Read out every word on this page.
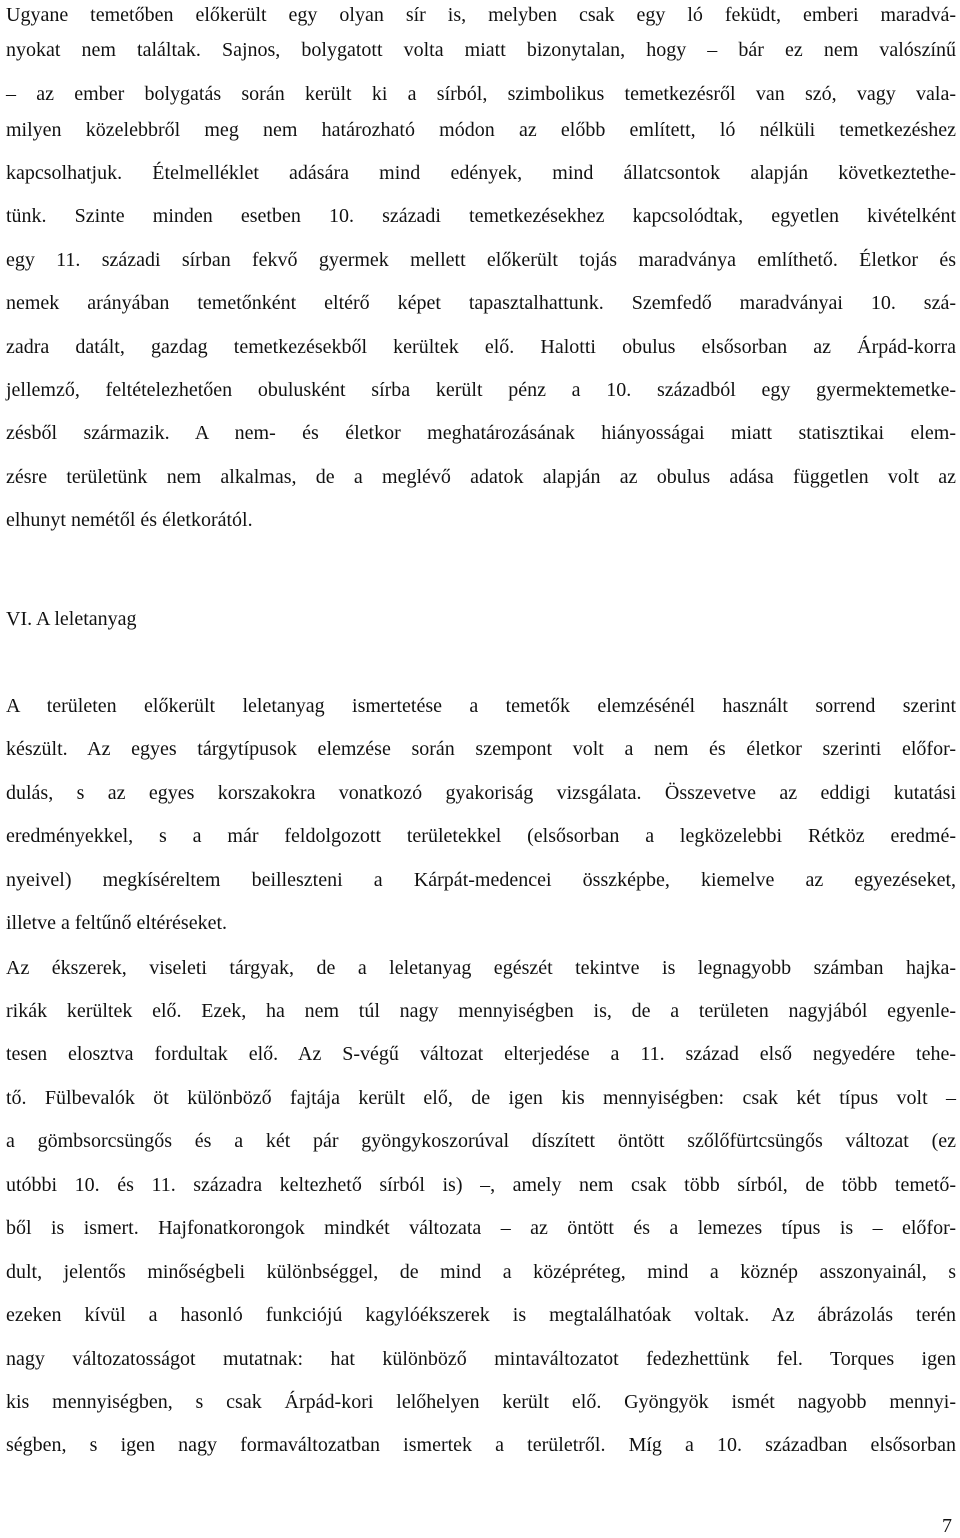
Ugyane temetőben előkerült egy olyan sír is, melyben csak egy ló feküdt, emberi maradvá-
nyokat nem találtak. Sajnos, bolygatott volta miatt bizonytalan, hogy – bár ez nem valószínű
– az ember bolygatás során került ki a sírból, szimbolikus temetkezésről van szó, vagy vala-
milyen közelebbről meg nem határozható módon az előbb említett, ló nélküli temetkezéshez
kapcsolhatjuk. Ételmelléklet adására mind edények, mind állatcsontok alapján következtethe-
tünk. Szinte minden esetben 10. századi temetkezésekhez kapcsolódtak, egyetlen kivételként
egy 11. századi sírban fekvő gyermek mellett előkerült tojás maradványa említhető. Életkor és
nemek arányában temetőnként eltérő képet tapasztalhattunk. Szemfedő maradványai 10. szá-
zadra datált, gazdag temetkezésekből kerültek elő. Halotti obulus elsősorban az Árpád-korra
jellemző, feltételezhetően obulusként sírba került pénz a 10. századból egy gyermektemetke-
zésből származik. A nem- és életkor meghatározásának hiányosságai miatt statisztikai elem-
zésre területünk nem alkalmas, de a meglévő adatok alapján az obulus adása független volt az
elhunyt nemétől és életkorától.
VI. A leletanyag
A területen előkerült leletanyag ismertetése a temetők elemzésénél használt sorrend szerint
készült. Az egyes tárgytípusok elemzése során szempont volt a nem és életkor szerinti előfor-
dulás, s az egyes korszakokra vonatkozó gyakoriság vizsgálata. Összevetve az eddigi kutatási
eredményekkel, s a már feldolgozott területekkel (elsősorban a legközelebbi Rétköz eredmé-
nyeivel) megkíséreltem beilleszteni a Kárpát-medencei összképbe, kiemelve az egyezéseket,
illetve a feltűnő eltéréseket.
Az ékszerek, viseleti tárgyak, de a leletanyag egészét tekintve is legnagyobb számban hajka-
rikák kerültek elő. Ezek, ha nem túl nagy mennyiségben is, de a területen nagyjából egyenle-
tesen elosztva fordultak elő. Az S-végű változat elterjedése a 11. század első negyedére tehe-
tő. Fülbevalók öt különböző fajtája került elő, de igen kis mennyiségben: csak két típus volt –
a gömbsorcsüngős és a két pár gyöngykoszorúval díszített öntött szőlőfürtcsüngős változat (ez
utóbbi 10. és 11. századra keltezhető sírból is) –, amely nem csak több sírból, de több temető-
ből is ismert. Hajfonatkorongok mindkét változata – az öntött és a lemezes típus is – előfor-
dult, jelentős minőségbeli különbséggel, de mind a középréteg, mind a köznép asszonyainál, s
ezeken kívül a hasonló funkciójú kagylóékszerek is megtalálhatóak voltak. Az ábrázolás terén
nagy változatosságot mutatnak: hat különböző mintaváltozatot fedezhettünk fel. Torques igen
kis mennyiségben, s csak Árpád-kori lelőhelyen került elő. Gyöngyök ismét nagyobb mennyi-
ségben, s igen nagy formaváltozatban ismertek a területről. Míg a 10. században elsősorban
7
